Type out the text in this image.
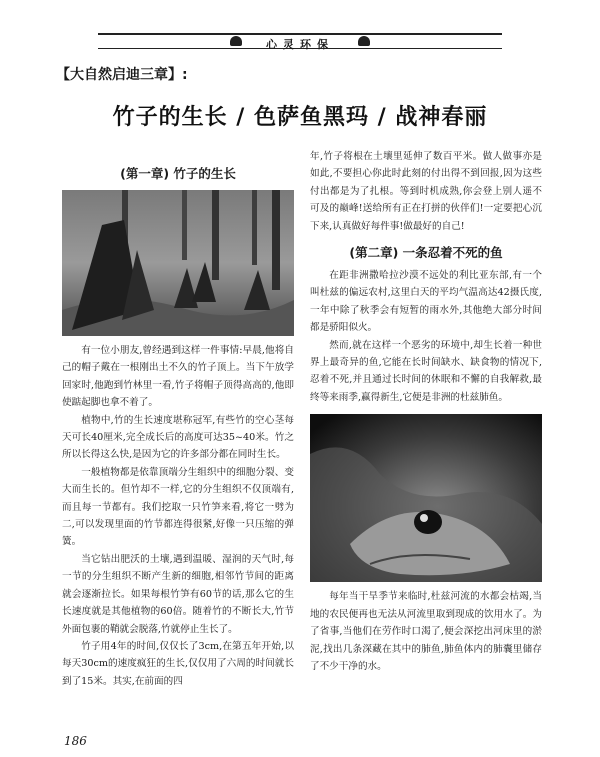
心灵环保
【大自然启迪三章】:
竹子的生长 / 色萨鱼黑玛 / 战神春丽
(第一章) 竹子的生长

有一位小朋友,曾经遇到这样一件事情:早晨,他将自己的帽子戴在一根刚出土不久的竹子顶上。当下午放学回家时,他跑到竹林里一看,竹子将帽子顶得高高的,他即使踮起脚也拿不着了。

植物中,竹的生长速度堪称冠军,有些竹的空心茎每天可长40厘米,完全成长后的高度可达35~40米。竹之所以长得这么快,是因为它的许多部分都在同时生长。

一般植物都是依靠顶端分生组织中的细胞分裂、变大而生长的。但竹却不一样,它的分生组织不仅顶端有,而且每一节都有。我们挖取一只竹笋来看,将它一劈为二,可以发现里面的竹节都连得很紧,好像一只压缩的弹簧。

当它钻出肥沃的土壤,遇到温暖、湿润的天气时,每一节的分生组织不断产生新的细胞,相邻竹节间的距离就会逐渐拉长。如果每根竹笋有60节的话,那么它的生长速度就是其他植物的60倍。随着竹的不断长大,竹节外面包裹的鞘就会脱落,竹就停止生长了。

竹子用4年的时间,仅仅长了3cm,在第五年开始,以每天30cm的速度疯狂的生长,仅仅用了六周的时间就长到了15米。其实,在前面的四

年,竹子将根在土壤里延伸了数百平米。做人做事亦是如此,不要担心你此时此刻的付出得不到回报,因为这些付出都是为了扎根。等到时机成熟,你会登上别人遥不可及的巅峰!送给所有正在打拼的伙伴们!一定要把心沉下来,认真做好每件事!做最好的自己!

(第二章) 一条忍着不死的鱼

在距非洲撒哈拉沙漠不远处的利比亚东部,有一个叫杜兹的偏远农村,这里白天的平均气温高达42摄氏度,一年中除了秋季会有短暂的雨水外,其他绝大部分时间都是骄阳似火。

然而,就在这样一个恶劣的环境中,却生长着一种世界上最奇异的鱼,它能在长时间缺水、缺食物的情况下,忍着不死,并且通过长时间的休眠和不懈的自我解救,最终等来雨季,赢得新生,它便是非洲的杜兹肺鱼。

每年当干旱季节来临时,杜兹河流的水都会枯竭,当地的农民便再也无法从河流里取到现成的饮用水了。为了省事,当他们在劳作时口渴了,便会深挖出河床里的淤泥,找出几条深藏在其中的肺鱼,肺鱼体内的肺囊里储存了不少干净的水。

186
